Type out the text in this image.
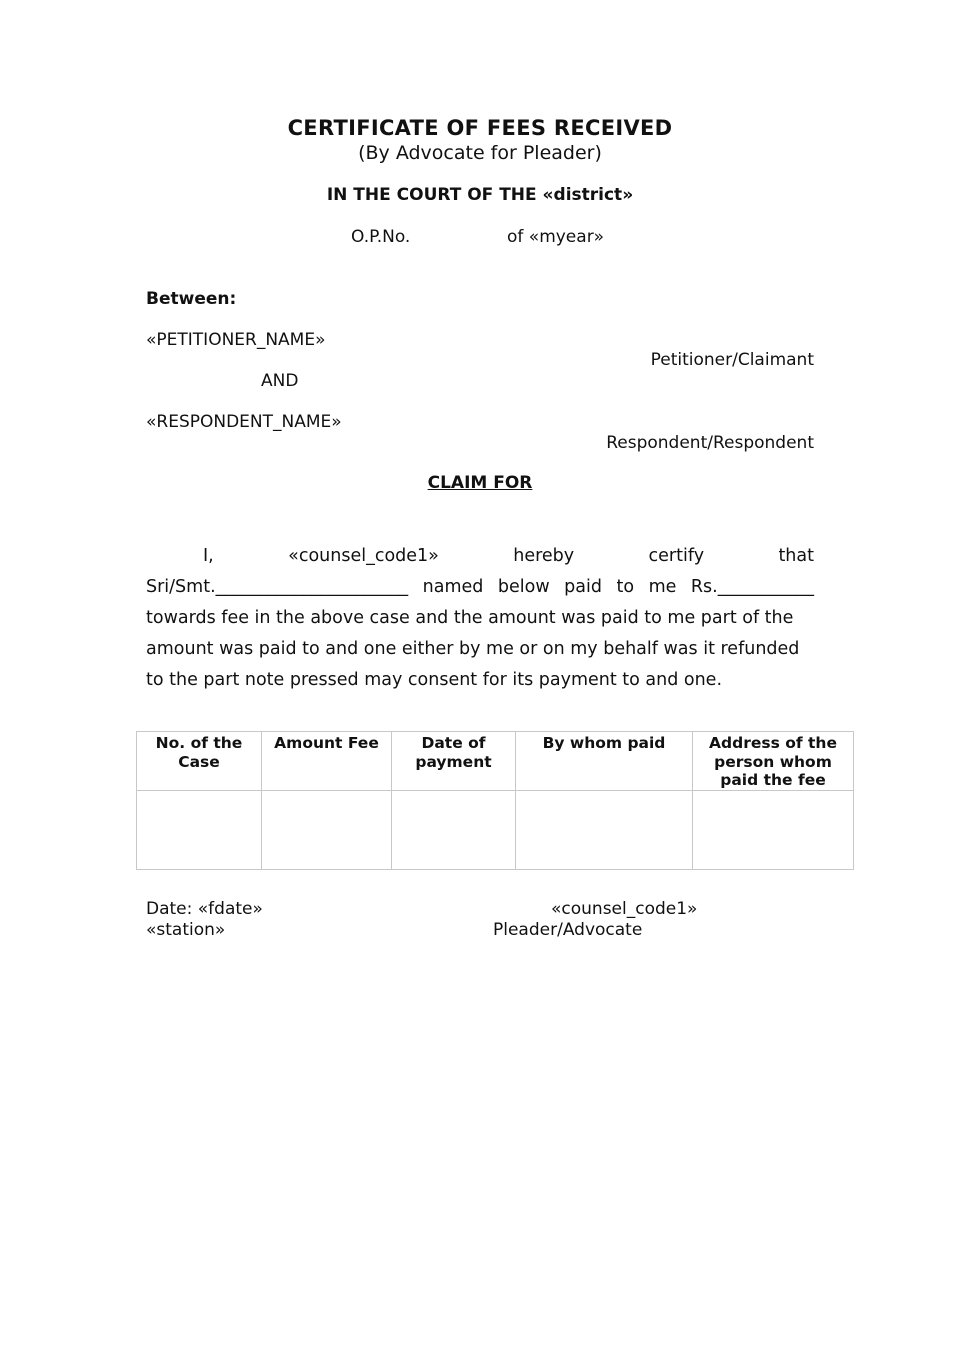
CERTIFICATE OF FEES RECEIVED
(By Advocate for Pleader)
IN THE COURT OF THE «district»
O.P.No.	of «myear»
Between:
«PETITIONER_NAME»
Petitioner/Claimant
AND
«RESPONDENT_NAME»
Respondent/Respondent
CLAIM FOR
I,	«counsel_code1»	hereby	certify	that
Sri/Smt.______________________ named below paid to me Rs.___________
towards fee in the above case and the amount was paid to me part of the
amount was paid to and one either by me or on my behalf was it refunded
to the part note pressed may consent for its payment to and one.
No. of the Case	Amount Fee	Date of payment	By whom paid	Address of the person whom paid the fee

Date: «fdate»
«station»
«counsel_code1»
Pleader/Advocate
